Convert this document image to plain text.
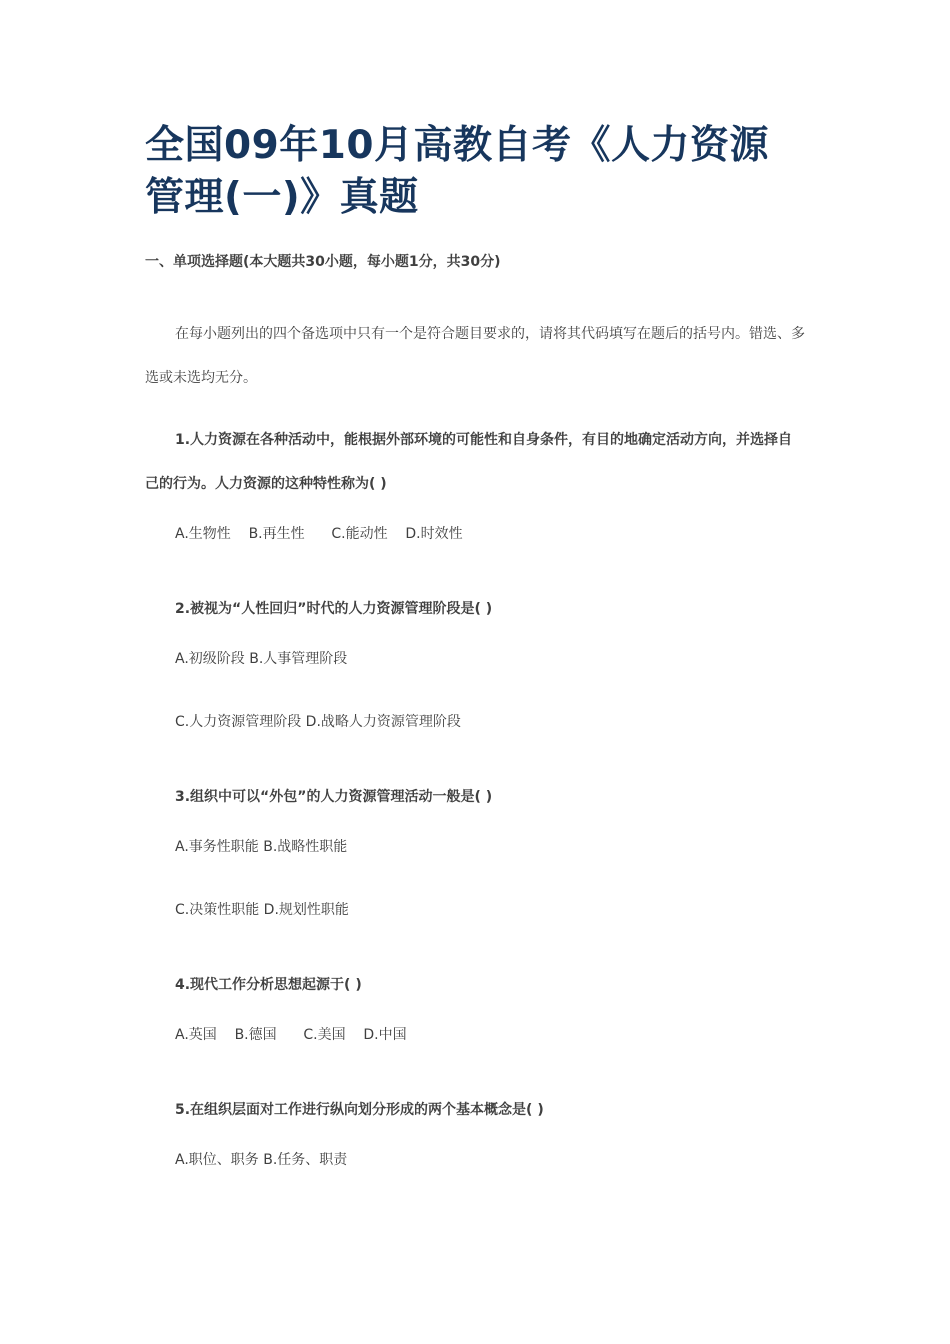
全国09年10月高教自考《人力资源管理(一)》真题

一、单项选择题(本大题共30小题，每小题1分，共30分)

在每小题列出的四个备选项中只有一个是符合题目要求的，请将其代码填写在题后的括号内。错选、多选或未选均无分。

1.人力资源在各种活动中，能根据外部环境的可能性和自身条件，有目的地确定活动方向，并选择自己的行为。人力资源的这种特性称为( )

A.生物性    B.再生性      C.能动性    D.时效性

2.被视为“人性回归”时代的人力资源管理阶段是( )

A.初级阶段 B.人事管理阶段

C.人力资源管理阶段 D.战略人力资源管理阶段

3.组织中可以“外包”的人力资源管理活动一般是( )

A.事务性职能 B.战略性职能

C.决策性职能 D.规划性职能

4.现代工作分析思想起源于( )

A.英国    B.德国      C.美国    D.中国

5.在组织层面对工作进行纵向划分形成的两个基本概念是( )

A.职位、职务 B.任务、职责
